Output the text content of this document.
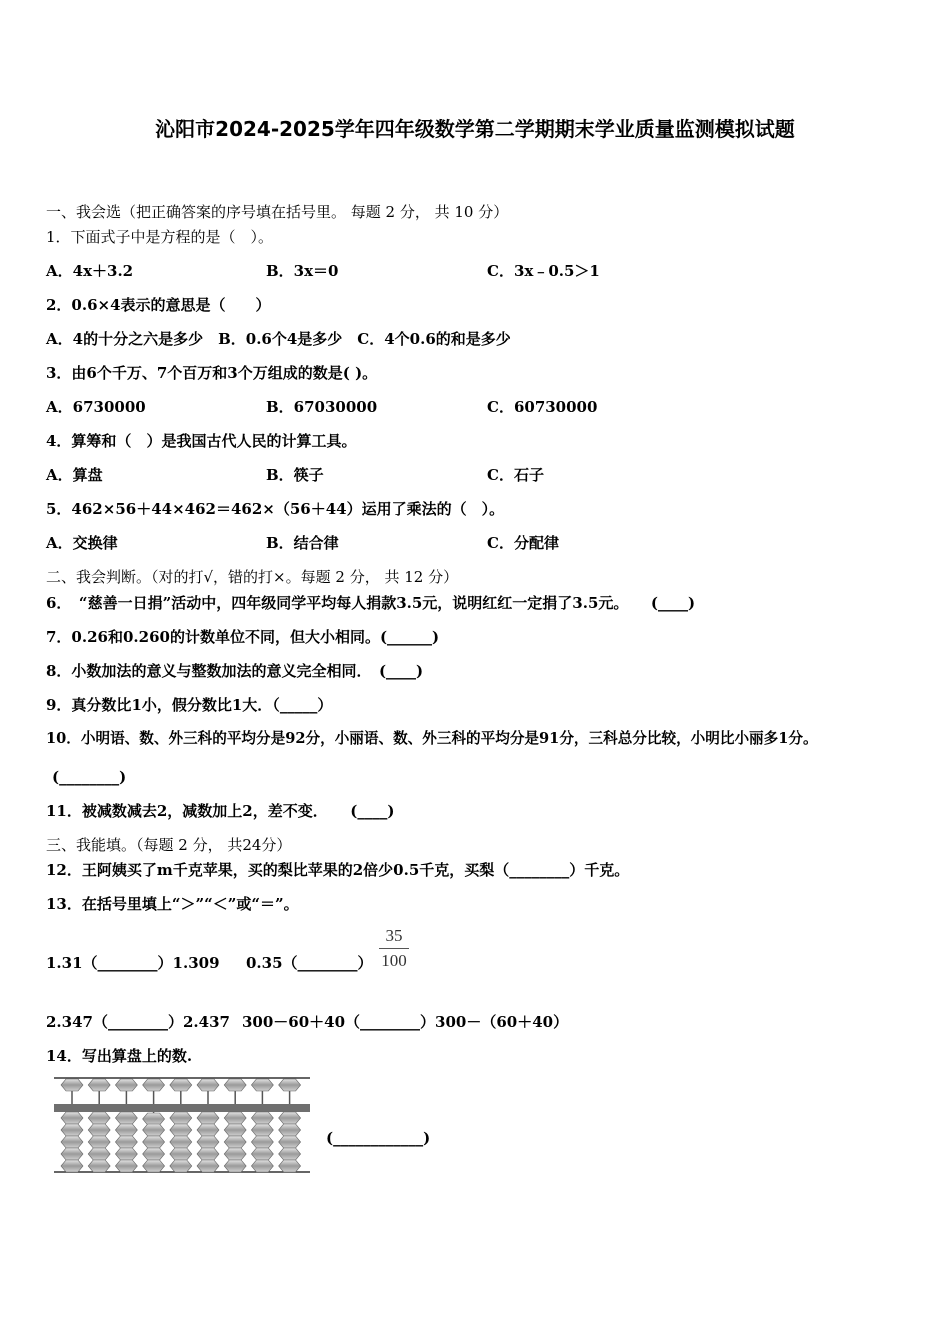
沁阳市2024-2025学年四年级数学第二学期期末学业质量监测模拟试题
一、我会选（把正确答案的序号填在括号里。 每题 2 分， 共 10 分）
1．下面式子中是方程的是（　）。
A．4x＋3.2	B．3x＝0	C．3x﹣0.5＞1
2．0.6×4表示的意思是（　　）
A．4的十分之六是多少　B．0.6个4是多少　C．4个0.6的和是多少
3．由6个千万、7个百万和3个万组成的数是( )。
A．6730000	B．67030000	C．60730000
4．算筹和（　）是我国古代人民的计算工具。
A．算盘	B．筷子	C．石子
5．462×56＋44×462＝462×（56＋44）运用了乘法的（　）。
A．交换律	B．结合律	C．分配律
二、我会判断。（对的打√，错的打×。每题 2 分， 共 12 分）
6．　“慈善一日捐”活动中，四年级同学平均每人捐款3.5元，说明红红一定捐了3.5元。　　(____)
7．0.26和0.260的计数单位不同，但大小相同。(______)
8．小数加法的意义与整数加法的意义完全相同．　(____)
9．真分数比1小，假分数比1大．（_____）
10．小明语、数、外三科的平均分是92分，小丽语、数、外三科的平均分是91分，三科总分比较，小明比小丽多1分。
(________)
11．被减数减去2，减数加上2，差不变．　　(____)
三、我能填。（每题 2 分， 共24分）
12．王阿姨买了m千克苹果，买的梨比苹果的2倍少0.5千克，买梨（________）千克。
13．在括号里填上“＞”“＜”或“＝”。
1.31（________）1.309 0.35（________）
35
100
2.347（________）2.437 300－60＋40（________）300－（60＋40）
14．写出算盘上的数.
(____________)
